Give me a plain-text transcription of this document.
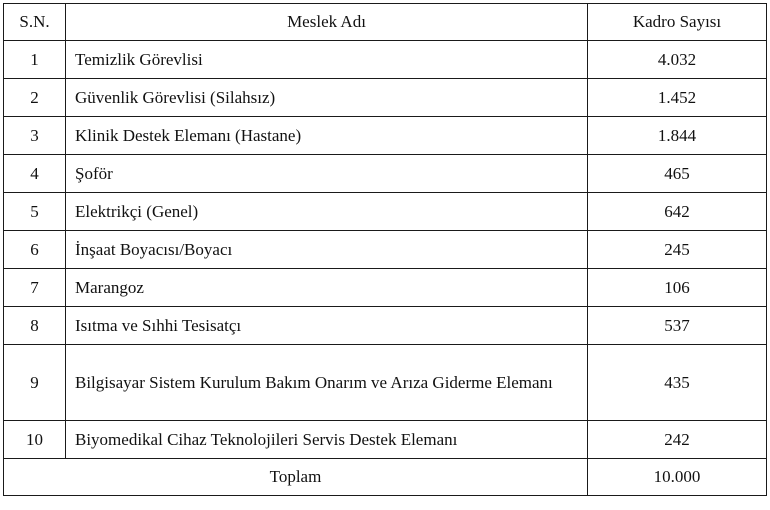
S.N.	Meslek Adı	Kadro Sayısı
1	Temizlik Görevlisi	4.032
2	Güvenlik Görevlisi (Silahsız)	1.452
3	Klinik Destek Elemanı (Hastane)	1.844
4	Şoför	465
5	Elektrikçi (Genel)	642
6	İnşaat Boyacısı/Boyacı	245
7	Marangoz	106
8	Isıtma ve Sıhhi Tesisatçı	537
9	Bilgisayar Sistem Kurulum Bakım Onarım ve Arıza Giderme Elemanı	435
10	Biyomedikal Cihaz Teknolojileri Servis Destek Elemanı	242
Toplam		10.000
